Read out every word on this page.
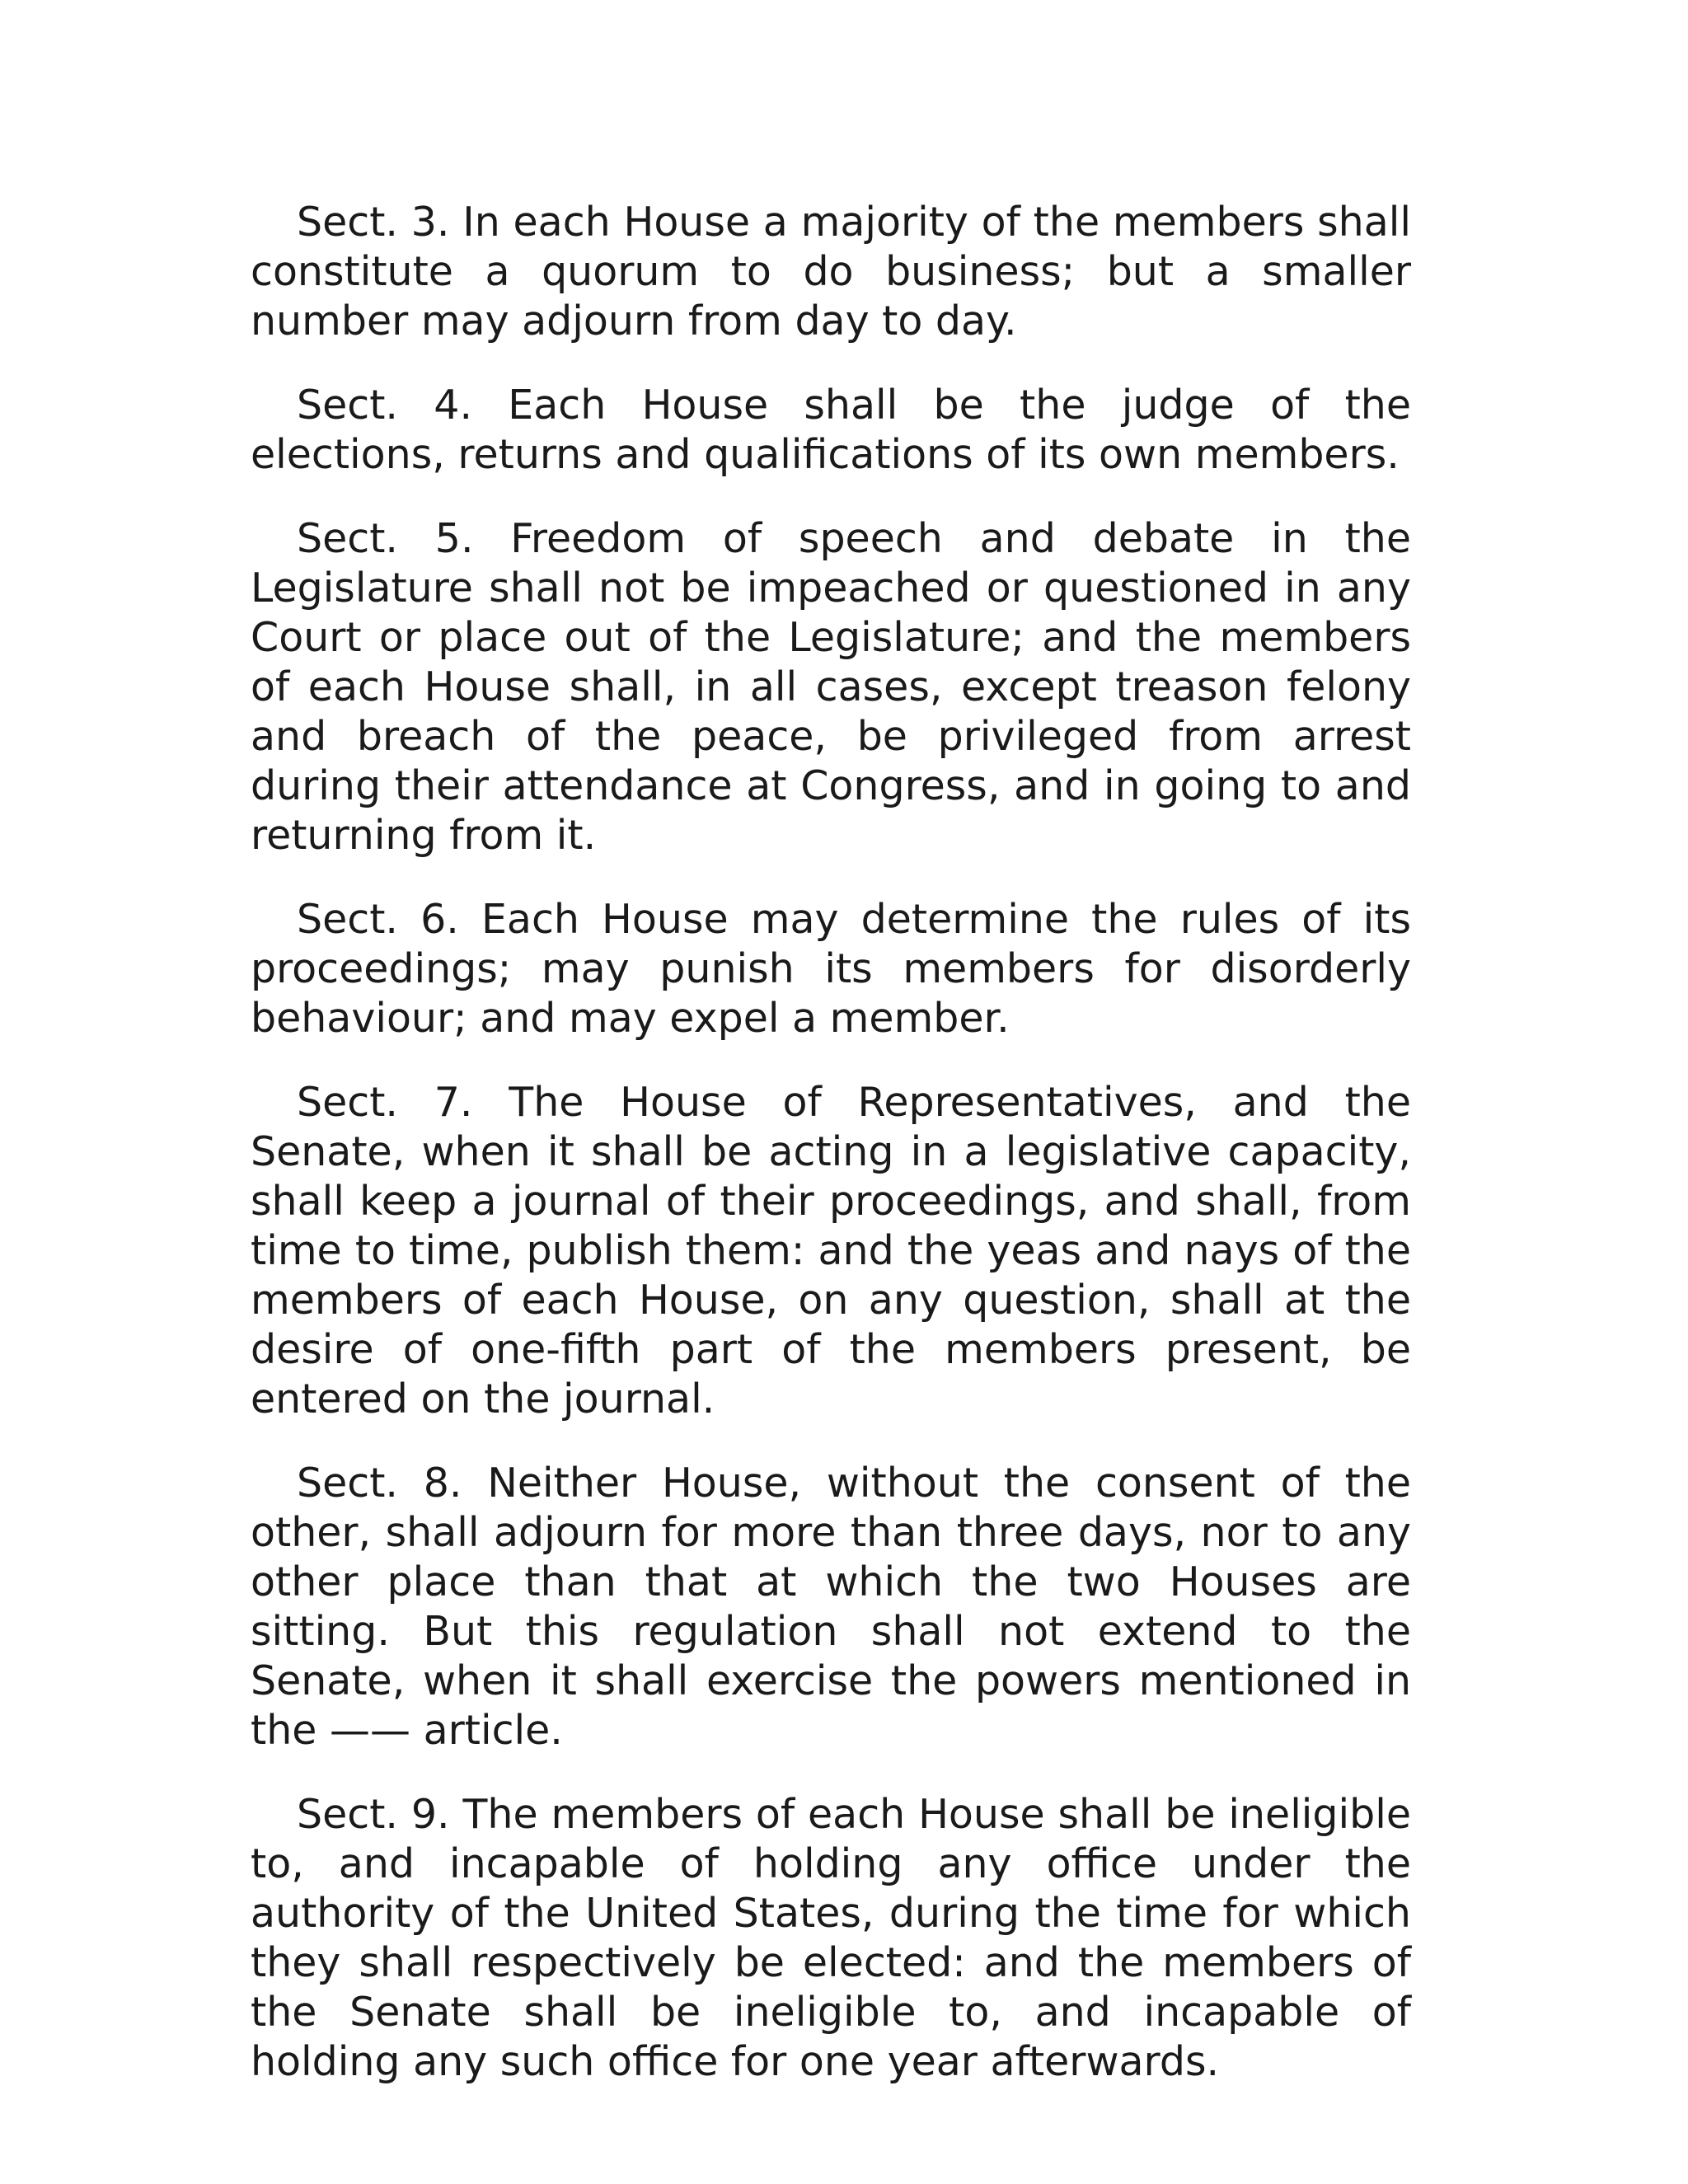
Sect. 3. In each House a majority of the members shall constitute a quorum to do business; but a smaller number may adjourn from day to day.

Sect. 4. Each House shall be the judge of the elections, returns and qualifications of its own members.

Sect. 5. Freedom of speech and debate in the Legislature shall not be impeached or questioned in any Court or place out of the Legislature; and the members of each House shall, in all cases, except treason felony and breach of the peace, be privileged from arrest during their attendance at Congress, and in going to and returning from it.

Sect. 6. Each House may determine the rules of its proceedings; may punish its members for disorderly behaviour; and may expel a member.

Sect. 7. The House of Representatives, and the Senate, when it shall be acting in a legislative capacity, shall keep a journal of their proceedings, and shall, from time to time, publish them: and the yeas and nays of the members of each House, on any question, shall at the desire of one-fifth part of the members present, be entered on the journal.

Sect. 8. Neither House, without the consent of the other, shall adjourn for more than three days, nor to any other place than that at which the two Houses are sitting. But this regulation shall not extend to the Senate, when it shall exercise the powers mentioned in the —— article.

Sect. 9. The members of each House shall be ineligible to, and incapable of holding any office under the authority of the United States, during the time for which they shall respectively be elected: and the members of the Senate shall be ineligible to, and incapable of holding any such office for one year afterwards.
